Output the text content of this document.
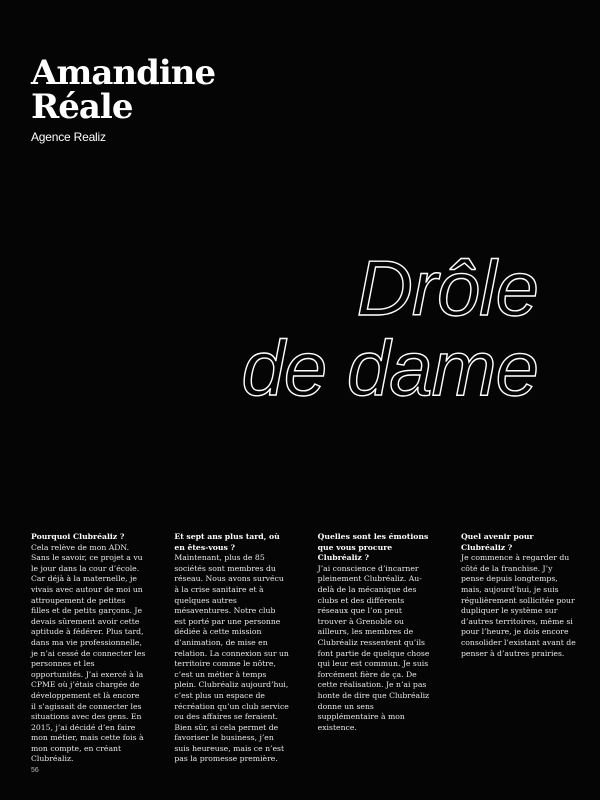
Amandine
Réale
Agence Realiz
Drôle
de dame

Pourquoi Clubréaliz ?

Cela relève de mon ADN. Sans le savoir, ce projet a vu le jour dans la cour d’école. Car déjà à la maternelle, je vivais avec autour de moi un attroupement de petites filles et de petits garçons. Je devais sûrement avoir cette aptitude à fédérer. Plus tard, dans ma vie professionnelle, je n’ai cessé de connecter les personnes et les opportunités. J’ai exercé à la CPME où j’étais chargée de développement et là encore il s’agissait de connecter les situations avec des gens. En 2015, j’ai décidé d’en faire mon métier, mais cette fois à mon compte, en créant Clubréaliz.

Et sept ans plus tard, où en êtes-vous ?

Maintenant, plus de 85 sociétés sont membres du réseau. Nous avons survécu à la crise sanitaire et à quelques autres mésaventures. Notre club est porté par une personne dédiée à cette mission d’animation, de mise en relation. La connexion sur un territoire comme le nôtre, c’est un métier à temps plein. Clubréaliz aujourd’hui, c’est plus un espace de récréation qu’un club service ou des affaires se feraient. Bien sûr, si cela permet de favoriser le business, j’en suis heureuse, mais ce n’est pas la promesse première.

Quelles sont les émotions que vous procure Clubréaliz ?

J’ai conscience d’incarner pleinement Clubréaliz. Au-delà de la mécanique des clubs et des différents réseaux que l’on peut trouver à Grenoble ou ailleurs, les membres de Clubréaliz ressentent qu’ils font partie de quelque chose qui leur est commun. Je suis forcément fière de ça. De cette réalisation. Je n’ai pas honte de dire que Clubréaliz donne un sens supplémentaire à mon existence.

Quel avenir pour Clubréaliz ?

Je commence à regarder du côté de la franchise. J’y pense depuis longtemps, mais, aujourd’hui, je suis régulièrement sollicitée pour dupliquer le système sur d’autres territoires, même si pour l’heure, je dois encore consolider l’existant avant de penser à d’autres prairies.

56
